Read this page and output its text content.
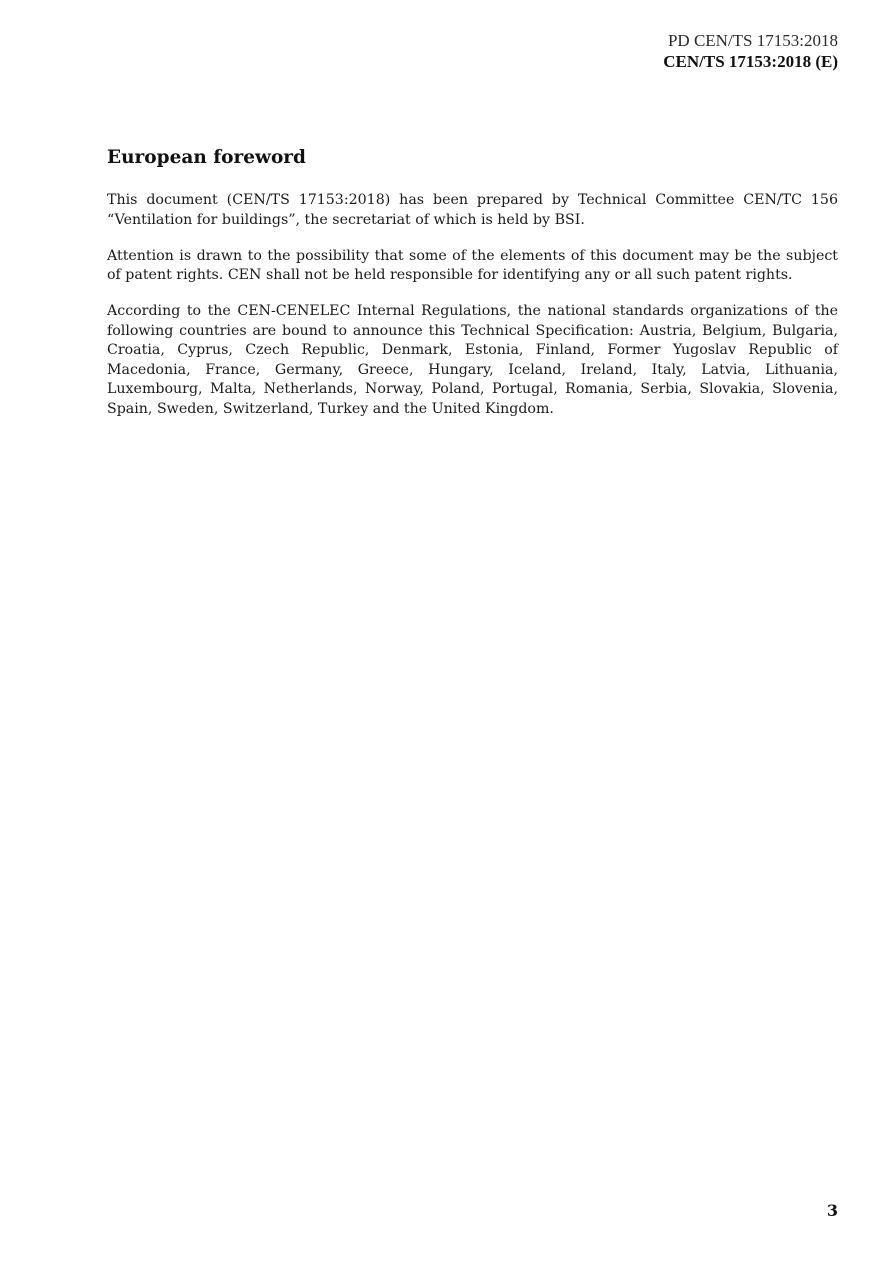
PD CEN/TS 17153:2018
CEN/TS 17153:2018 (E)
European foreword

This document (CEN/TS 17153:2018) has been prepared by Technical Committee CEN/TC 156 “Ventilation for buildings”, the secretariat of which is held by BSI.

Attention is drawn to the possibility that some of the elements of this document may be the subject of patent rights. CEN shall not be held responsible for identifying any or all such patent rights.

According to the CEN-CENELEC Internal Regulations, the national standards organizations of the following countries are bound to announce this Technical Specification: Austria, Belgium, Bulgaria, Croatia, Cyprus, Czech Republic, Denmark, Estonia, Finland, Former Yugoslav Republic of Macedonia, France, Germany, Greece, Hungary, Iceland, Ireland, Italy, Latvia, Lithuania, Luxembourg, Malta, Netherlands, Norway, Poland, Portugal, Romania, Serbia, Slovakia, Slovenia, Spain, Sweden, Switzerland, Turkey and the United Kingdom.

3
